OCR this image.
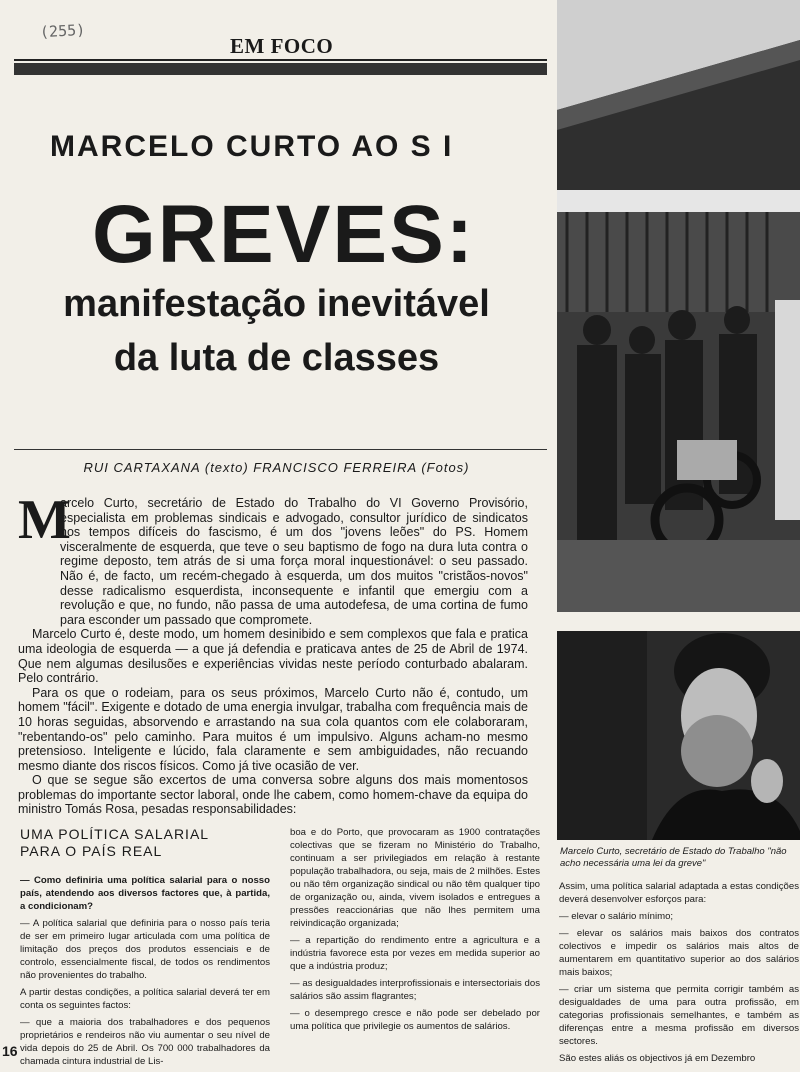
(255)
EM FOCO
MARCELO CURTO AO S I
GREVES:
manifestação inevitável
da luta de classes
RUI CARTAXANA (texto) FRANCISCO FERREIRA (Fotos)
M

arcelo Curto, secretário de Estado do Trabalho do VI Governo Provisório, especialista em problemas sindicais e advogado, consultor jurídico de sindicatos nos tempos difíceis do fascismo, é um dos "jovens leões" do PS. Homem visceralmente de esquerda, que teve o seu baptismo de fogo na dura luta contra o regime deposto, tem atrás de si uma força moral inquestionável: o seu passado. Não é, de facto, um recém-chegado à esquerda, um dos muitos "cristãos-novos" desse radicalismo esquerdista, inconsequente e infantil que emergiu com a revolução e que, no fundo, não passa de uma autodefesa, de uma cortina de fumo para esconder um passado que compromete.

Marcelo Curto é, deste modo, um homem desinibido e sem complexos que fala e pratica uma ideologia de esquerda — a que já defendia e praticava antes de 25 de Abril de 1974. Que nem algumas desilusões e experiências vividas neste período conturbado abalaram. Pelo contrário.

Para os que o rodeiam, para os seus próximos, Marcelo Curto não é, contudo, um homem "fácil". Exigente e dotado de uma energia invulgar, trabalha com frequência mais de 10 horas seguidas, absorvendo e arrastando na sua cola quantos com ele colaboraram, "rebentando-os" pelo caminho. Para muitos é um impulsivo. Alguns acham-no mesmo pretensioso. Inteligente e lúcido, fala claramente e sem ambiguidades, não recuando mesmo diante dos riscos físicos. Como já tive ocasião de ver.

O que se segue são excertos de uma conversa sobre alguns dos mais momentosos problemas do importante sector laboral, onde lhe cabem, como homem-chave da equipa do ministro Tomás Rosa, pesadas responsabilidades:

UMA POLÍTICA SALARIAL
PARA O PAÍS REAL

— Como definiria uma política salarial para o nosso país, atendendo aos diversos factores que, à partida, a condicionam?

— A política salarial que definiria para o nosso país teria de ser em primeiro lugar articulada com uma política de limitação dos preços dos produtos essenciais e de controlo, essencialmente fiscal, de todos os rendimentos não provenientes do trabalho.

A partir destas condições, a política salarial deverá ter em conta os seguintes factos:

— que a maioria dos trabalhadores e dos pequenos proprietários e rendeiros não viu aumentar o seu nível de vida depois do 25 de Abril. Os 700 000 trabalhadores da chamada cintura industrial de Lis-

boa e do Porto, que provocaram as 1900 contratações colectivas que se fizeram no Ministério do Trabalho, continuam a ser privilegiados em relação à restante população trabalhadora, ou seja, mais de 2 milhões. Estes ou não têm organização sindical ou não têm qualquer tipo de organização ou, ainda, vivem isolados e entregues a pressões reaccionárias que não lhes permitem uma reivindicação organizada;

— a repartição do rendimento entre a agricultura e a indústria favorece esta por vezes em medida superior ao que a indústria produz;

— as desigualdades interprofissionais e intersectoriais dos salários são assim flagrantes;

— o desemprego cresce e não pode ser debelado por uma política que privilegie os aumentos de salários.

Marcelo Curto, secretário de Estado do Trabalho "não acho necessária uma lei da greve"

Assim, uma política salarial adaptada a estas condições deverá desenvolver esforços para:

— elevar o salário mínimo;

— elevar os salários mais baixos dos contratos colectivos e impedir os salários mais altos de aumentarem em quantitativo superior ao dos salários mais baixos;

— criar um sistema que permita corrigir também as desigualdades de uma para outra profissão, em categorias profissionais semelhantes, e também as diferenças entre a mesma profissão em diversos sectores.

São estes aliás os objectivos já em Dezembro

16
